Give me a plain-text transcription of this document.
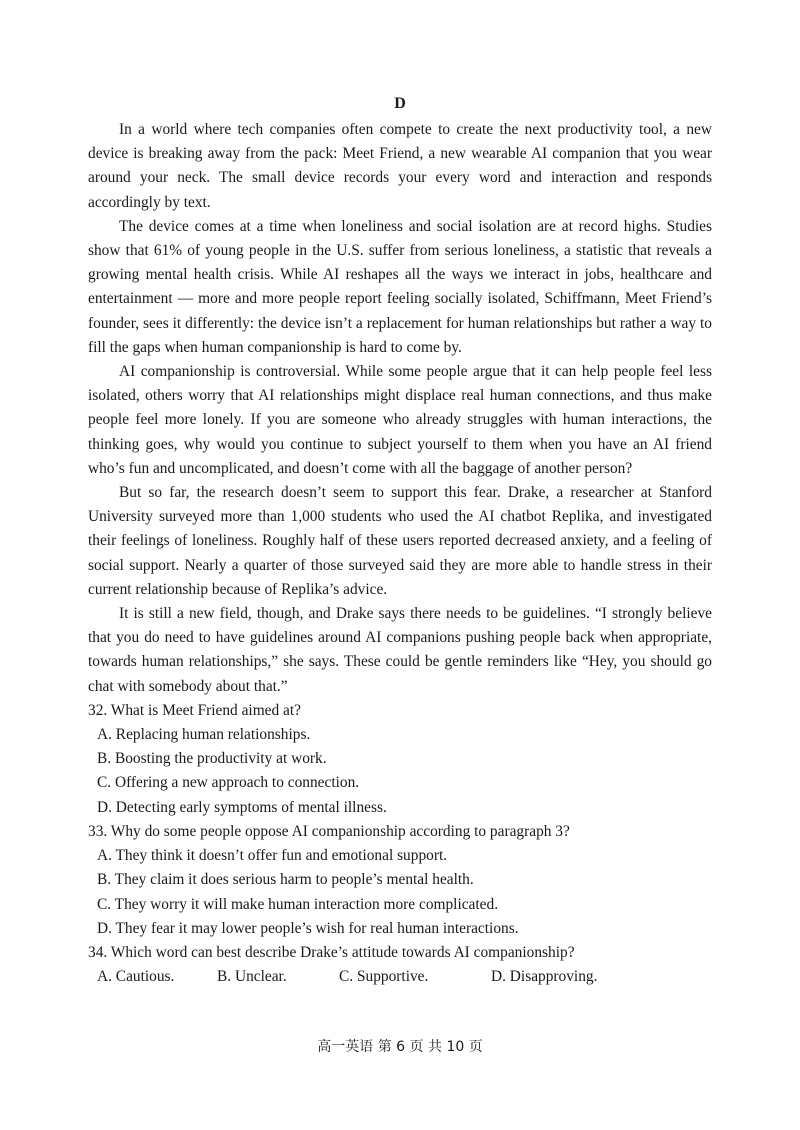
D

In a world where tech companies often compete to create the next productivity tool, a new device is breaking away from the pack: Meet Friend, a new wearable AI companion that you wear around your neck. The small device records your every word and interaction and responds accordingly by text.

The device comes at a time when loneliness and social isolation are at record highs. Studies show that 61% of young people in the U.S. suffer from serious loneliness, a statistic that reveals a growing mental health crisis. While AI reshapes all the ways we interact in jobs, healthcare and entertainment — more and more people report feeling socially isolated, Schiffmann, Meet Friend’s founder, sees it differently: the device isn’t a replacement for human relationships but rather a way to fill the gaps when human companionship is hard to come by.

AI companionship is controversial. While some people argue that it can help people feel less isolated, others worry that AI relationships might displace real human connections, and thus make people feel more lonely. If you are someone who already struggles with human interactions, the thinking goes, why would you continue to subject yourself to them when you have an AI friend who’s fun and uncomplicated, and doesn’t come with all the baggage of another person?

But so far, the research doesn’t seem to support this fear. Drake, a researcher at Stanford University surveyed more than 1,000 students who used the AI chatbot Replika, and investigated their feelings of loneliness. Roughly half of these users reported decreased anxiety, and a feeling of social support. Nearly a quarter of those surveyed said they are more able to handle stress in their current relationship because of Replika’s advice.

It is still a new field, though, and Drake says there needs to be guidelines. “I strongly believe that you do need to have guidelines around AI companions pushing people back when appropriate, towards human relationships,” she says. These could be gentle reminders like “Hey, you should go chat with somebody about that.”

32. What is Meet Friend aimed at?

A. Replacing human relationships.

B. Boosting the productivity at work.

C. Offering a new approach to connection.

D. Detecting early symptoms of mental illness.

33. Why do some people oppose AI companionship according to paragraph 3?

A. They think it doesn’t offer fun and emotional support.

B. They claim it does serious harm to people’s mental health.

C. They worry it will make human interaction more complicated.

D. They fear it may lower people’s wish for real human interactions.

34. Which word can best describe Drake’s attitude towards AI companionship?

A. Cautious.	B. Unclear.	C. Supportive.	D. Disapproving.
高一英语 第 6 页 共 10 页
